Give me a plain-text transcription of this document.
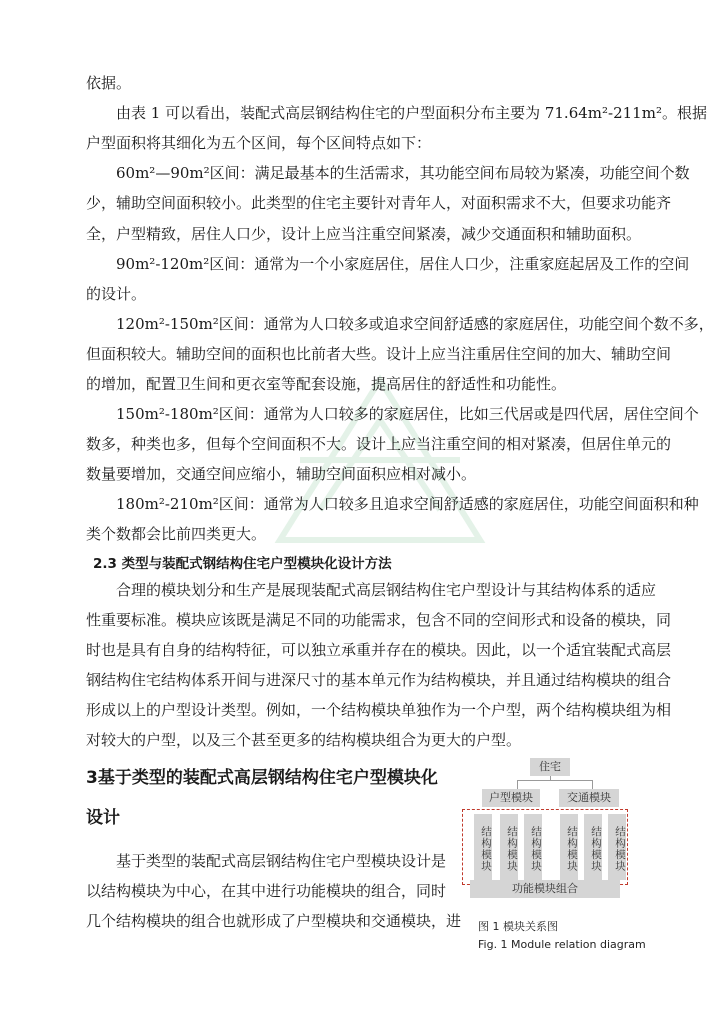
依据。
由表 1 可以看出，装配式高层钢结构住宅的户型面积分布主要为 71.64m²-211m²。根据
户型面积将其细化为五个区间，每个区间特点如下：
60m²—90m²区间：满足最基本的生活需求，其功能空间布局较为紧凑，功能空间个数
少，辅助空间面积较小。此类型的住宅主要针对青年人，对面积需求不大，但要求功能齐
全，户型精致，居住人口少，设计上应当注重空间紧凑，减少交通面积和辅助面积。
90m²-120m²区间：通常为一个小家庭居住，居住人口少，注重家庭起居及工作的空间
的设计。
120m²-150m²区间：通常为人口较多或追求空间舒适感的家庭居住，功能空间个数不多，
但面积较大。辅助空间的面积也比前者大些。设计上应当注重居住空间的加大、辅助空间
的增加，配置卫生间和更衣室等配套设施，提高居住的舒适性和功能性。
150m²-180m²区间：通常为人口较多的家庭居住，比如三代居或是四代居，居住空间个
数多，种类也多，但每个空间面积不大。设计上应当注重空间的相对紧凑，但居住单元的
数量要增加，交通空间应缩小，辅助空间面积应相对减小。
180m²-210m²区间：通常为人口较多且追求空间舒适感的家庭居住，功能空间面积和种
类个数都会比前四类更大。
2.3 类型与装配式钢结构住宅户型模块化设计方法
合理的模块划分和生产是展现装配式高层钢结构住宅户型设计与其结构体系的适应
性重要标准。模块应该既是满足不同的功能需求，包含不同的空间形式和设备的模块，同
时也是具有自身的结构特征，可以独立承重并存在的模块。因此，以一个适宜装配式高层
钢结构住宅结构体系开间与进深尺寸的基本单元作为结构模块，并且通过结构模块的组合
形成以上的户型设计类型。例如，一个结构模块单独作为一个户型，两个结构模块组为相
对较大的户型，以及三个甚至更多的结构模块组合为更大的户型。
3基于类型的装配式高层钢结构住宅户型模块化
设计
基于类型的装配式高层钢结构住宅户型模块设计是
以结构模块为中心，在其中进行功能模块的组合，同时
几个结构模块的组合也就形成了户型模块和交通模块，进
住宅
户型模块	交通模块
结构模块	结构模块	结构模块	结构模块	结构模块	结构模块
功能模块组合
图 1 模块关系图
Fig. 1 Module relation diagram
